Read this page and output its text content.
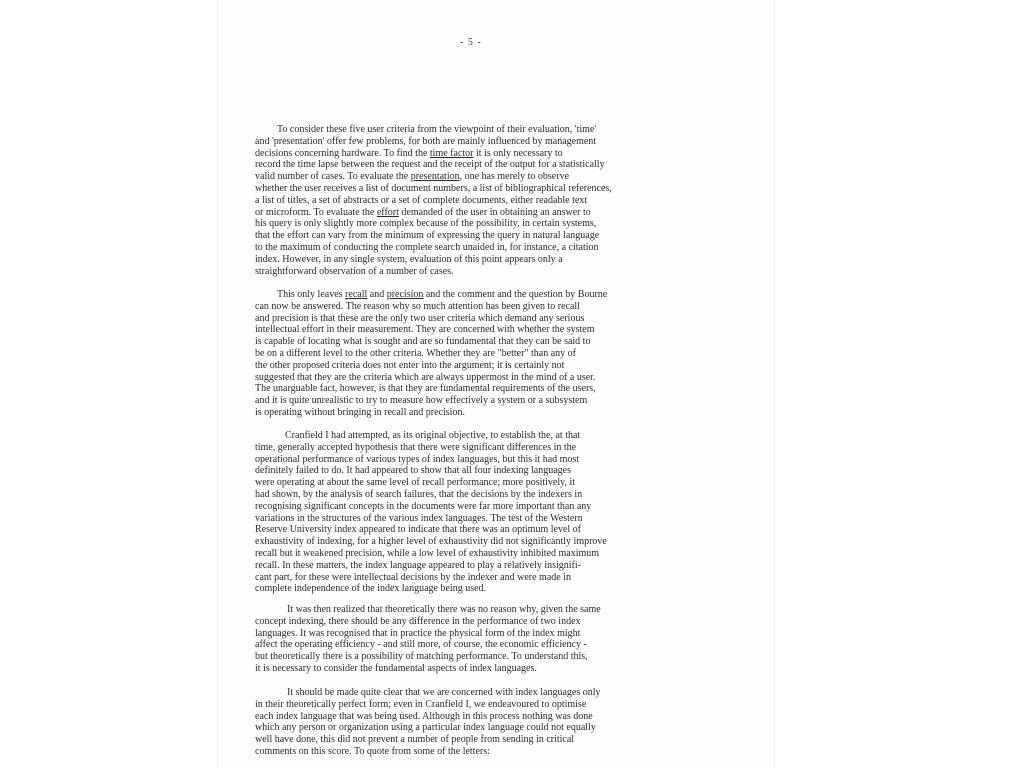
- 5 -
To consider these five user criteria from the viewpoint of their evaluation, 'time'
and 'presentation' offer few problems, for both are mainly influenced by management
decisions concerning hardware. To find the time factor it is only necessary to
record the time lapse between the request and the receipt of the output for a statistically
valid number of cases. To evaluate the presentation, one has merely to observe
whether the user receives a list of document numbers, a list of bibliographical references,
a list of titles, a set of abstracts or a set of complete documents, either readable text
or microform. To evaluate the effort demanded of the user in obtaining an answer to
his query is only slightly more complex because of the possibility, in certain systems,
that the effort can vary from the minimum of expressing the query in natural language
to the maximum of conducting the complete search unaided in, for instance, a citation
index. However, in any single system, evaluation of this point appears only a
straightforward observation of a number of cases.
This only leaves recall and precision and the comment and the question by Bourne
can now be answered. The reason why so much attention has been given to recall
and precision is that these are the only two user criteria which demand any serious
intellectual effort in their measurement. They are concerned with whether the system
is capable of locating what is sought and are so fundamental that they can be said to
be on a different level to the other criteria. Whether they are "better" than any of
the other proposed criteria does not enter into the argument; it is certainly not
suggested that they are the criteria which are always uppermost in the mind of a user.
The unarguable fact, however, is that they are fundamental requirements of the users,
and it is quite unrealistic to try to measure how effectively a system or a subsystem
is operating without bringing in recall and precision.
Cranfield I had attempted, as its original objective, to establish the, at that
time, generally accepted hypothesis that there were significant differences in the
operational performance of various types of index languages, but this it had most
definitely failed to do. It had appeared to show that all four indexing languages
were operating at about the same level of recall performance; more positively, it
had shown, by the analysis of search failures, that the decisions by the indexers in
recognising significant concepts in the documents were far more important than any
variations in the structures of the various index languages. The test of the Western
Reserve University index appeared to indicate that there was an optimum level of
exhaustivity of indexing, for a higher level of exhaustivity did not significantly improve
recall but it weakened precision, while a low level of exhaustivity inhibited maximum
recall. In these matters, the index language appeared to play a relatively insignifi-
cant part, for these were intellectual decisions by the indexer and were made in
complete independence of the index language being used.
It was then realized that theoretically there was no reason why, given the same
concept indexing, there should be any difference in the performance of two index
languages. It was recognised that in practice the physical form of the index might
affect the operating efficiency - and still more, of course, the economic efficiency -
but theoretically there is a possibility of matching performance. To understand this,
it is necessary to consider the fundamental aspects of index languages.
It should be made quite clear that we are concerned with index languages only
in their theoretically perfect form; even in Cranfield I, we endeavoured to optimise
each index language that was being used. Although in this process nothing was done
which any person or organization using a particular index language could not equally
well have done, this did not prevent a number of people from sending in critical
comments on this score. To quote from some of the letters:
